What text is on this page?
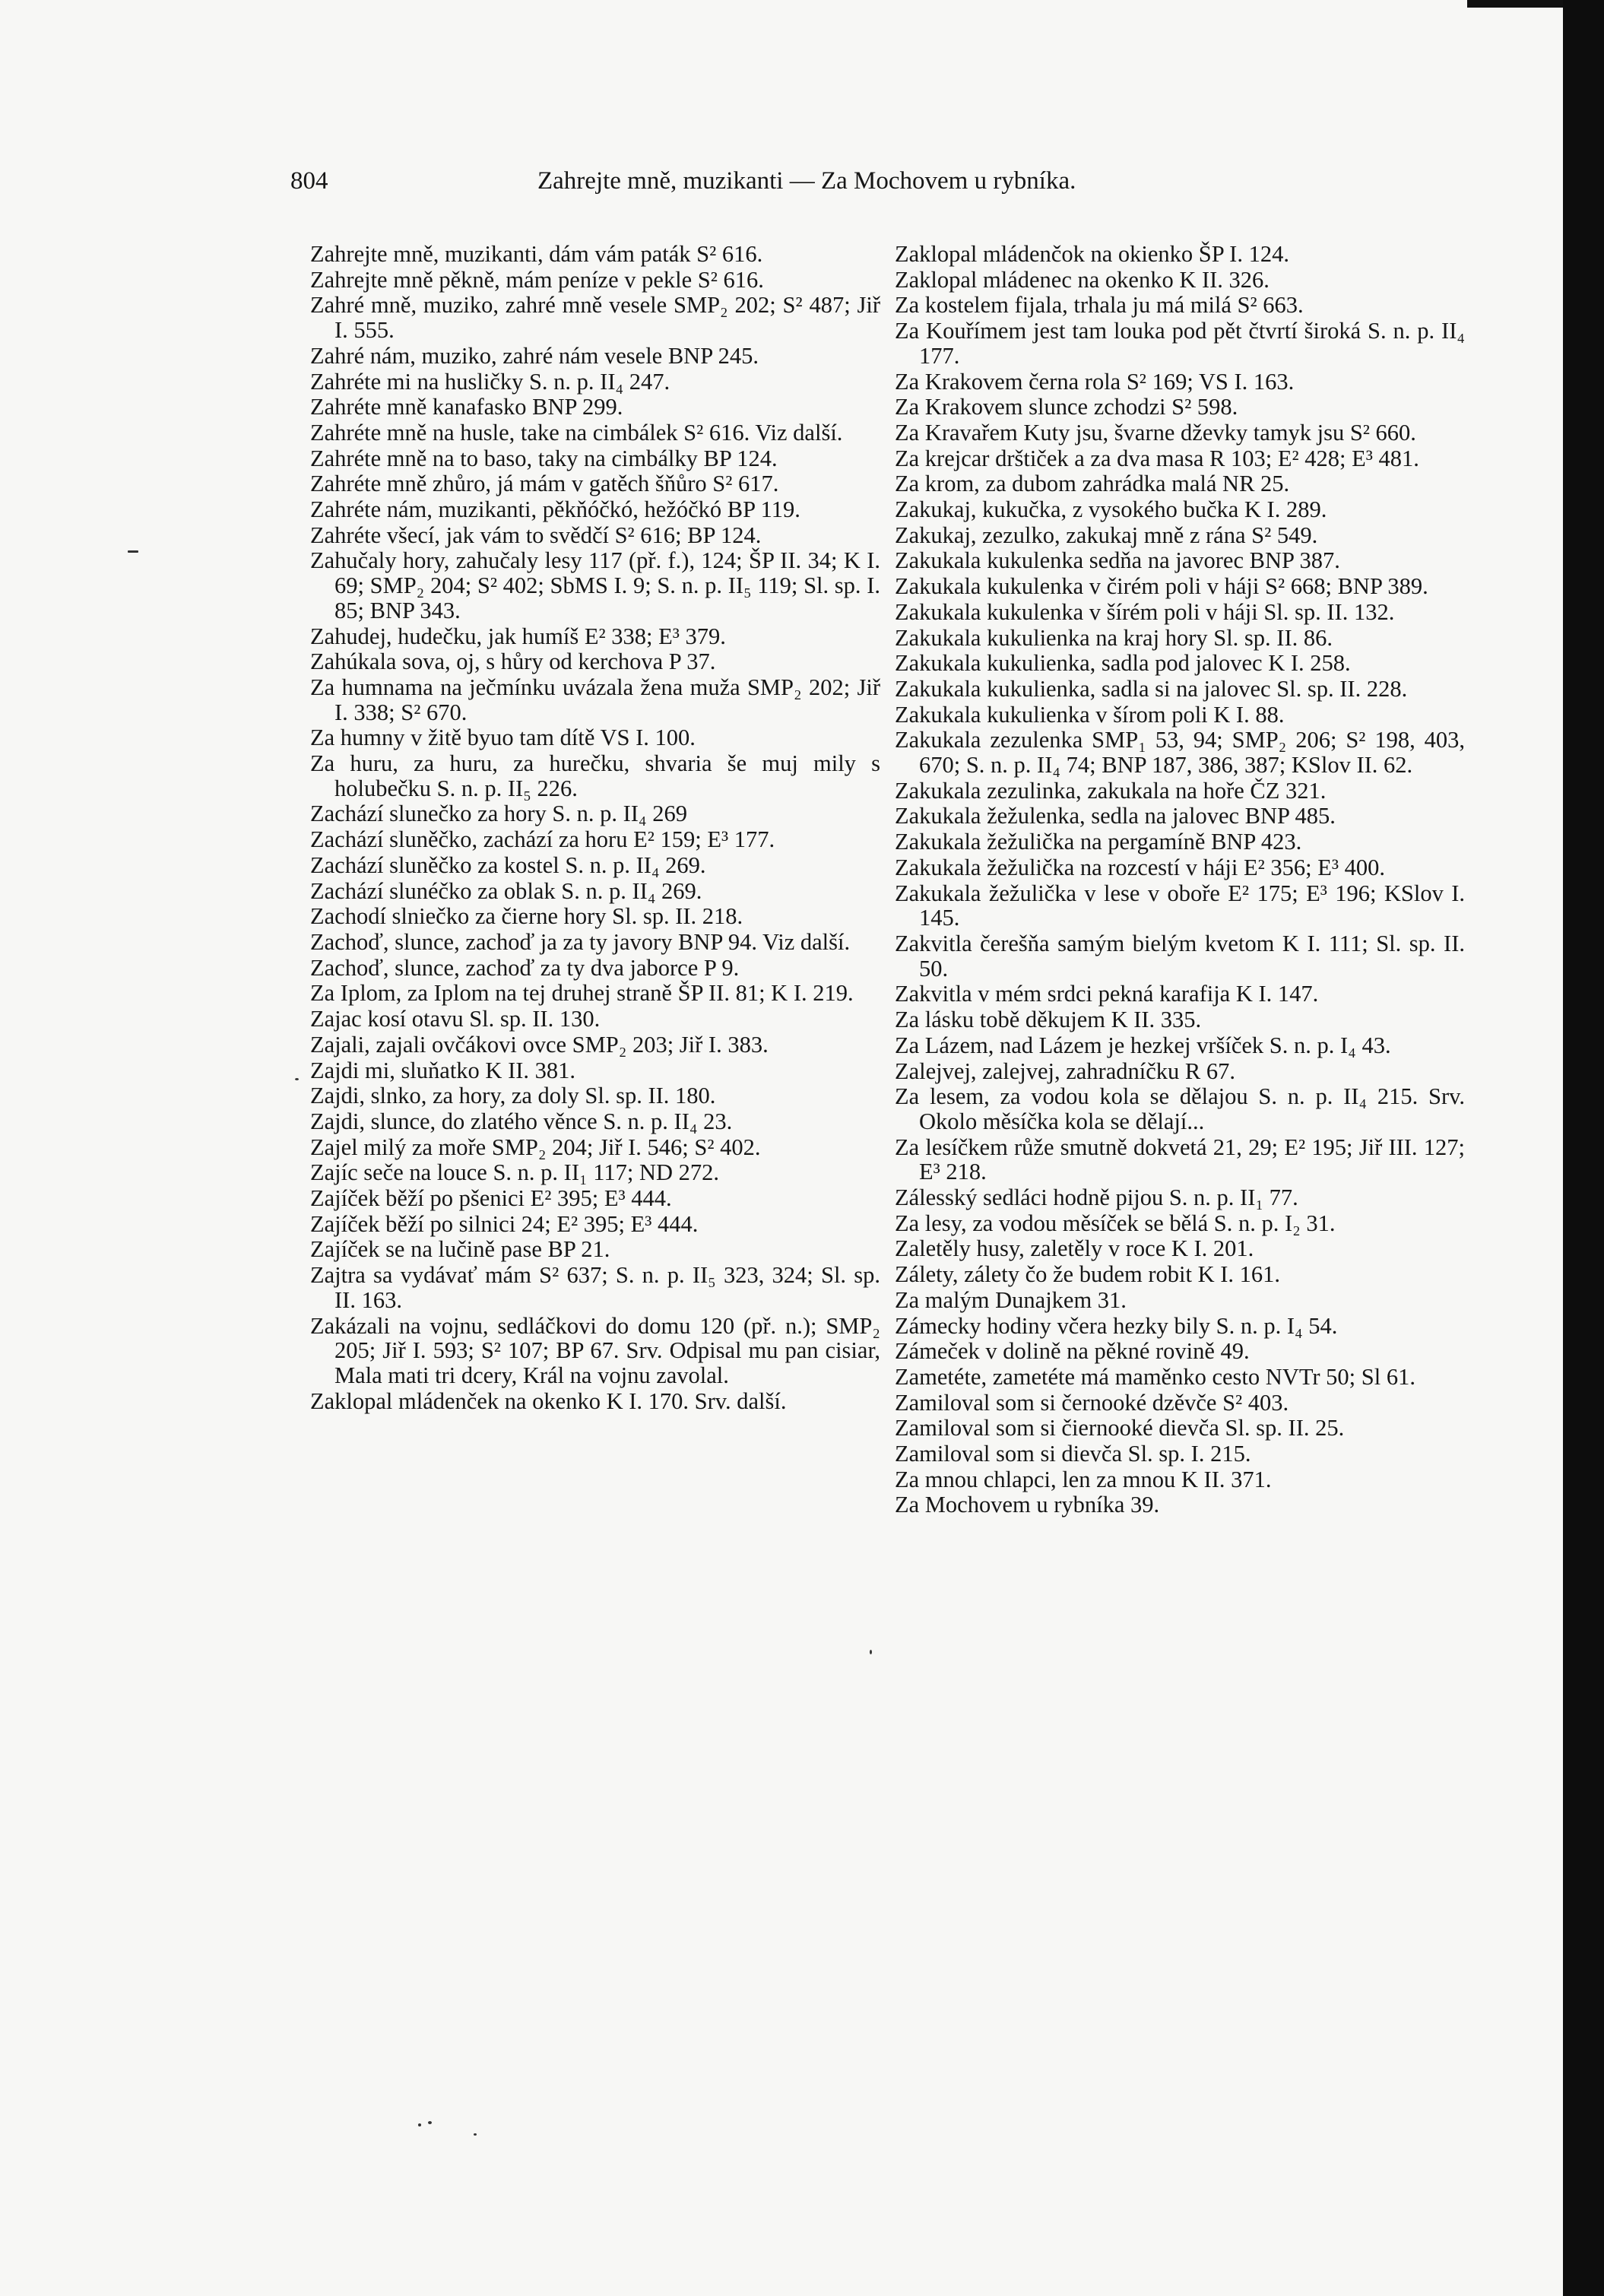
804	Zahrejte mně, muzikanti — Za Mochovem u rybníka.
Zahrejte mně, muzikanti, dám vám paták S² 616.
Zahrejte mně pěkně, mám peníze v pekle S² 616.
Zahré mně, muziko, zahré mně vesele SMP₂ 202; S² 487; Jiř I. 555.
Zahré nám, muziko, zahré nám vesele BNP 245.
Zahréte mi na husličky S. n. p. II₄ 247.
Zahréte mně kanafasko BNP 299.
Zahréte mně na husle, take na cimbálek S² 616. Viz další.
Zahréte mně na to baso, taky na cimbálky BP 124.
Zahréte mně zhůro, já mám v gatěch šňůro S² 617.
Zahréte nám, muzikanti, pěkňóčkó, hežóčkó BP 119.
Zahréte všecí, jak vám to svědčí S² 616; BP 124.
Zahučaly hory, zahučaly lesy 117 (př. f.), 124; ŠP II. 34; K I. 69; SMP₂ 204; S² 402; SbMS I. 9; S. n. p. II₅ 119; Sl. sp. I. 85; BNP 343.
Zahudej, hudečku, jak humíš E² 338; E³ 379.
Zahúkala sova, oj, s hůry od kerchova P 37.
Za humnama na ječmínku uvázala žena muža SMP₂ 202; Jiř I. 338; S² 670.
Za humny v žitě byuo tam dítě VS I. 100.
Za huru, za huru, za hurečku, shvaria še muj mily s holubečku S. n. p. II₅ 226.
Zachází slunečko za hory S. n. p. II₄ 269
Zachází sluněčko, zachází za horu E² 159; E³ 177.
Zachází sluněčko za kostel S. n. p. II₄ 269.
Zachází slunéčko za oblak S. n. p. II₄ 269.
Zachodí slniečko za čierne hory Sl. sp. II. 218.
Zachoď, slunce, zachoď ja za ty javory BNP 94. Viz další.
Zachoď, slunce, zachoď za ty dva jaborce P 9.
Za Iplom, za Iplom na tej druhej straně ŠP II. 81; K I. 219.
Zajac kosí otavu Sl. sp. II. 130.
Zajali, zajali ovčákovi ovce SMP₂ 203; Jiř I. 383.
Zajdi mi, sluňatko K II. 381.
Zajdi, slnko, za hory, za doly Sl. sp. II. 180.
Zajdi, slunce, do zlatého věnce S. n. p. II₄ 23.
Zajel milý za moře SMP₂ 204; Jiř I. 546; S² 402.
Zajíc seče na louce S. n. p. II₁ 117; ND 272.
Zajíček běží po pšenici E² 395; E³ 444.
Zajíček běží po silnici 24; E² 395; E³ 444.
Zajíček se na lučině pase BP 21.
Zajtra sa vydávať mám S² 637; S. n. p. II₅ 323, 324; Sl. sp. II. 163.
Zakázali na vojnu, sedláčkovi do domu 120 (př. n.); SMP₂ 205; Jiř I. 593; S² 107; BP 67. Srv. Odpisal mu pan cisiar, Mala mati tri dcery, Král na vojnu zavolal.
Zaklopal mládenček na okenko K I. 170. Srv. další.
Zaklopal mládenčok na okienko ŠP I. 124.
Zaklopal mládenec na okenko K II. 326.
Za kostelem fijala, trhala ju má milá S² 663.
Za Kouřímem jest tam louka pod pět čtvrtí široká S. n. p. II₄ 177.
Za Krakovem černa rola S² 169; VS I. 163.
Za Krakovem slunce zchodzi S² 598.
Za Kravařem Kuty jsu, švarne dževky tamyk jsu S² 660.
Za krejcar drštiček a za dva masa R 103; E² 428; E³ 481.
Za krom, za dubom zahrádka malá NR 25.
Zakukaj, kukučka, z vysokého bučka K I. 289.
Zakukaj, zezulko, zakukaj mně z rána S² 549.
Zakukala kukulenka sedňa na javorec BNP 387.
Zakukala kukulenka v čirém poli v háji S² 668; BNP 389.
Zakukala kukulenka v šírém poli v háji Sl. sp. II. 132.
Zakukala kukulienka na kraj hory Sl. sp. II. 86.
Zakukala kukulienka, sadla pod jalovec K I. 258.
Zakukala kukulienka, sadla si na jalovec Sl. sp. II. 228.
Zakukala kukulienka v šírom poli K I. 88.
Zakukala zezulenka SMP₁ 53, 94; SMP₂ 206; S² 198, 403, 670; S. n. p. II₄ 74; BNP 187, 386, 387; KSlov II. 62.
Zakukala zezulinka, zakukala na hoře ČZ 321.
Zakukala žežulenka, sedla na jalovec BNP 485.
Zakukala žežulička na pergamíně BNP 423.
Zakukala žežulička na rozcestí v háji E² 356; E³ 400.
Zakukala žežulička v lese v oboře E² 175; E³ 196; KSlov I. 145.
Zakvitla čerešňa samým bielým kvetom K I. 111; Sl. sp. II. 50.
Zakvitla v mém srdci pekná karafija K I. 147.
Za lásku tobě děkujem K II. 335.
Za Lázem, nad Lázem je hezkej vršíček S. n. p. I₄ 43.
Zalejvej, zalejvej, zahradníčku R 67.
Za lesem, za vodou kola se dělajou S. n. p. II₄ 215. Srv. Okolo měsíčka kola se dělají...
Za lesíčkem růže smutně dokvetá 21, 29; E² 195; Jiř III. 127; E³ 218.
Zálesský sedláci hodně pijou S. n. p. II₁ 77.
Za lesy, za vodou měsíček se bělá S. n. p. I₂ 31.
Zaletěly husy, zaletěly v roce K I. 201.
Zálety, zálety čo že budem robit K I. 161.
Za malým Dunajkem 31.
Zámecky hodiny včera hezky bily S. n. p. I₄ 54.
Zámeček v dolině na pěkné rovině 49.
Zametéte, zametéte má maměnko cesto NVTr 50; Sl 61.
Zamiloval som si černooké dzěvče S² 403.
Zamiloval som si čiernooké dievča Sl. sp. II. 25.
Zamiloval som si dievča Sl. sp. I. 215.
Za mnou chlapci, len za mnou K II. 371.
Za Mochovem u rybníka 39.
